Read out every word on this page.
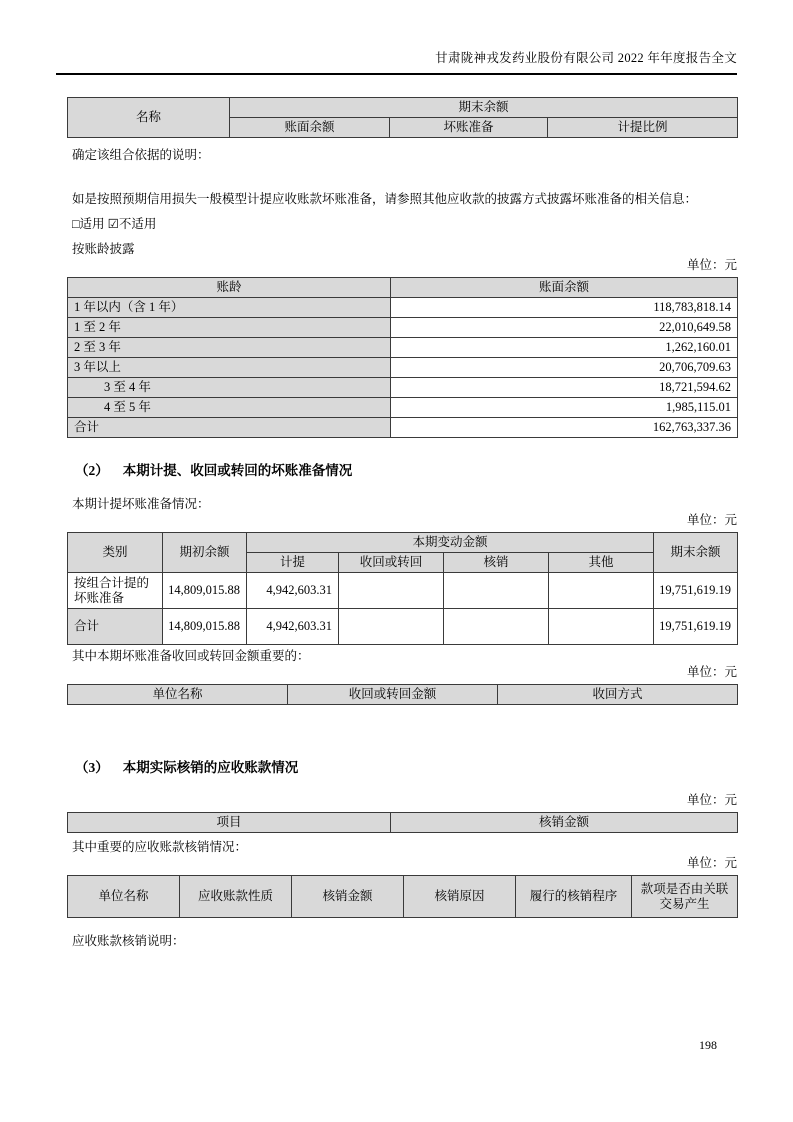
甘肃陇神戎发药业股份有限公司 2022 年年度报告全文
名称	期末余额		
	账面余额	坏账准备	计提比例

确定该组合依据的说明：

如是按照预期信用损失一般模型计提应收账款坏账准备，请参照其他应收款的披露方式披露坏账准备的相关信息：

□适用 ☑不适用

按账龄披露

单位：元

账龄	账面余额
1 年以内（含 1 年）	118,783,818.14
1 至 2 年	22,010,649.58
2 至 3 年	1,262,160.01
3 年以上	20,706,709.63
3 至 4 年	18,721,594.62
4 至 5 年	1,985,115.01
合计	162,763,337.36
（2） 本期计提、收回或转回的坏账准备情况

本期计提坏账准备情况：

单位：元

类别	期初余额	本期变动金额				期末余额
		计提	收回或转回	核销	其他	
按组合计提的坏账准备	14,809,015.88	4,942,603.31				19,751,619.19
合计	14,809,015.88	4,942,603.31				19,751,619.19

其中本期坏账准备收回或转回金额重要的：

单位：元

单位名称	收回或转回金额	收回方式
（3） 本期实际核销的应收账款情况

单位：元

项目	核销金额

其中重要的应收账款核销情况：

单位：元

单位名称	应收账款性质	核销金额	核销原因	履行的核销程序	款项是否由关联交易产生

应收账款核销说明：

198
